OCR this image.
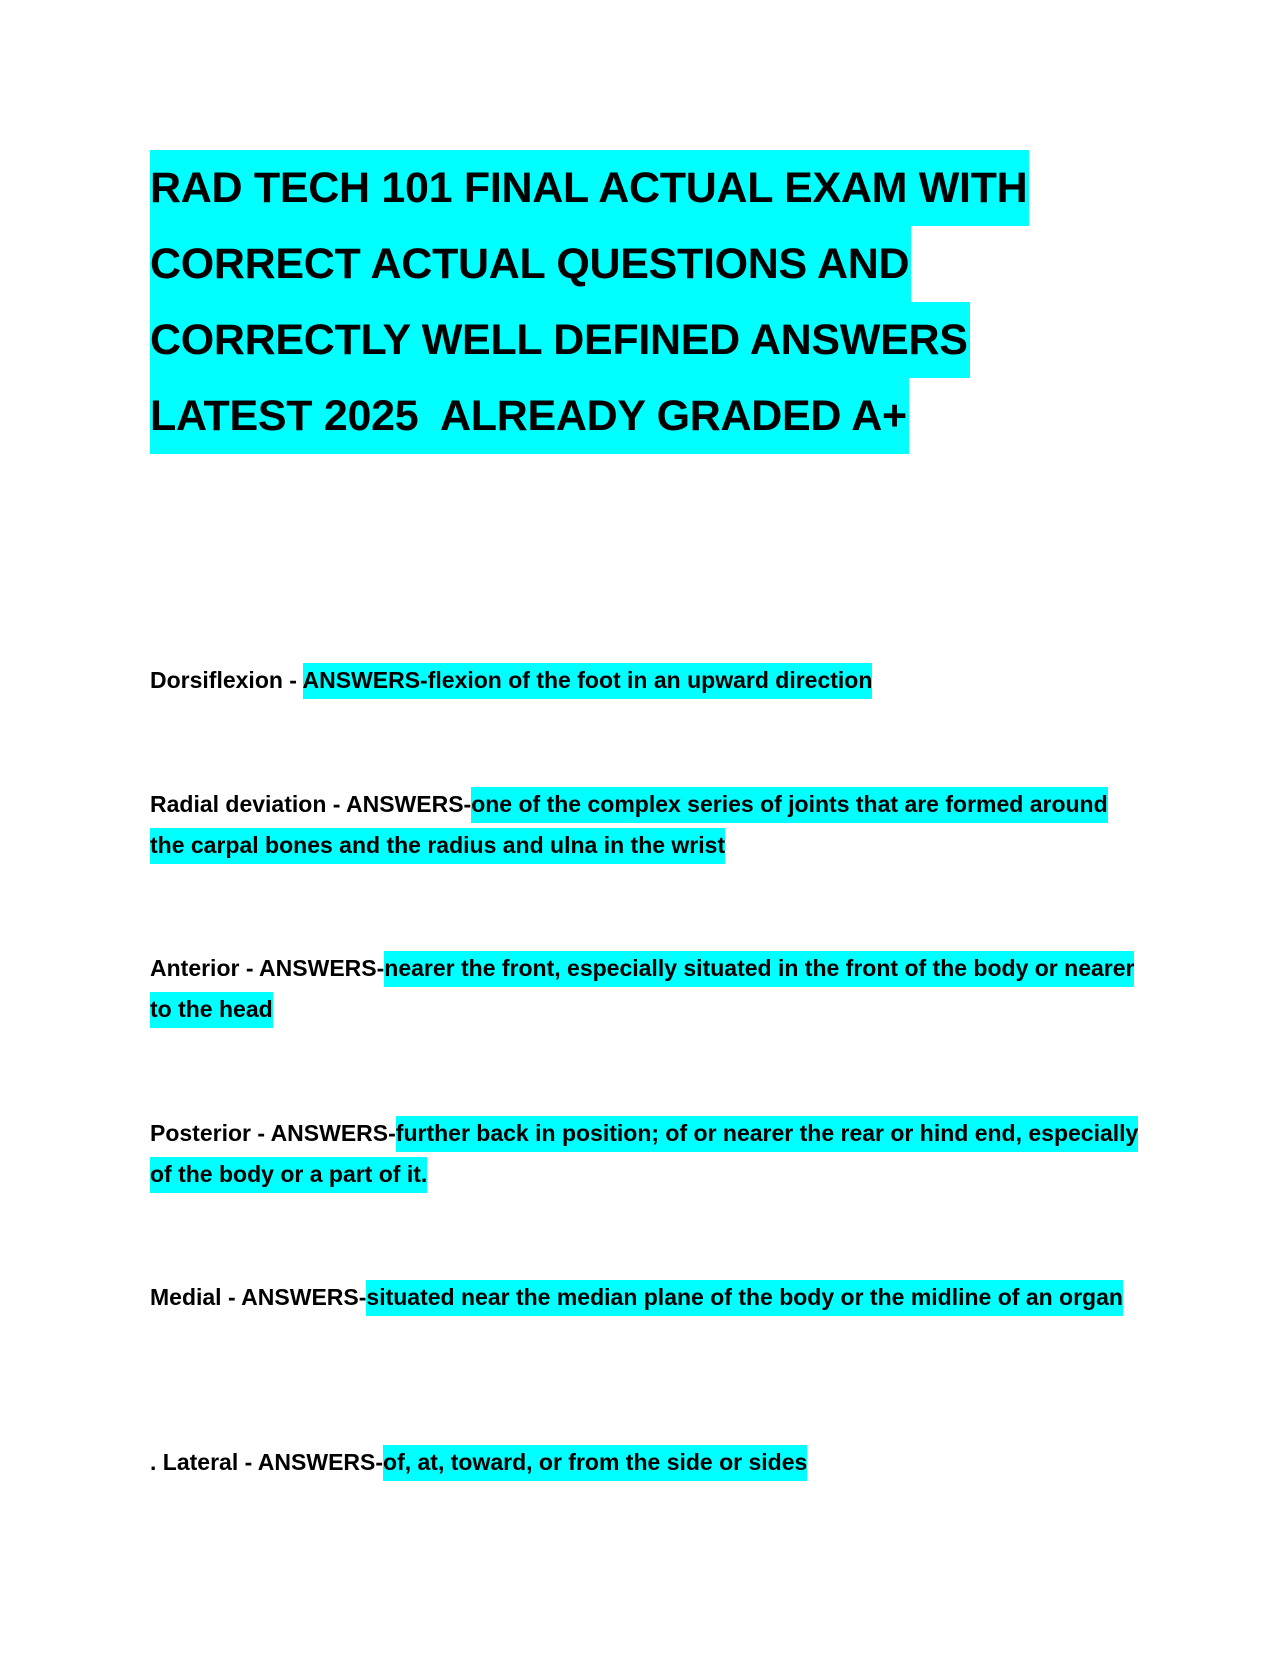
RAD TECH 101 FINAL ACTUAL EXAM WITH
CORRECT ACTUAL QUESTIONS AND
CORRECTLY WELL DEFINED ANSWERS
LATEST 2025  ALREADY GRADED A+

Dorsiflexion - ANSWERS-flexion of the foot in an upward direction

Radial deviation - ANSWERS-one of the complex series of joints that are formed around the carpal bones and the radius and ulna in the wrist

Anterior - ANSWERS-nearer the front, especially situated in the front of the body or nearer to the head

Posterior - ANSWERS-further back in position; of or nearer the rear or hind end, especially of the body or a part of it.

Medial - ANSWERS-situated near the median plane of the body or the midline of an organ

. Lateral - ANSWERS-of, at, toward, or from the side or sides
